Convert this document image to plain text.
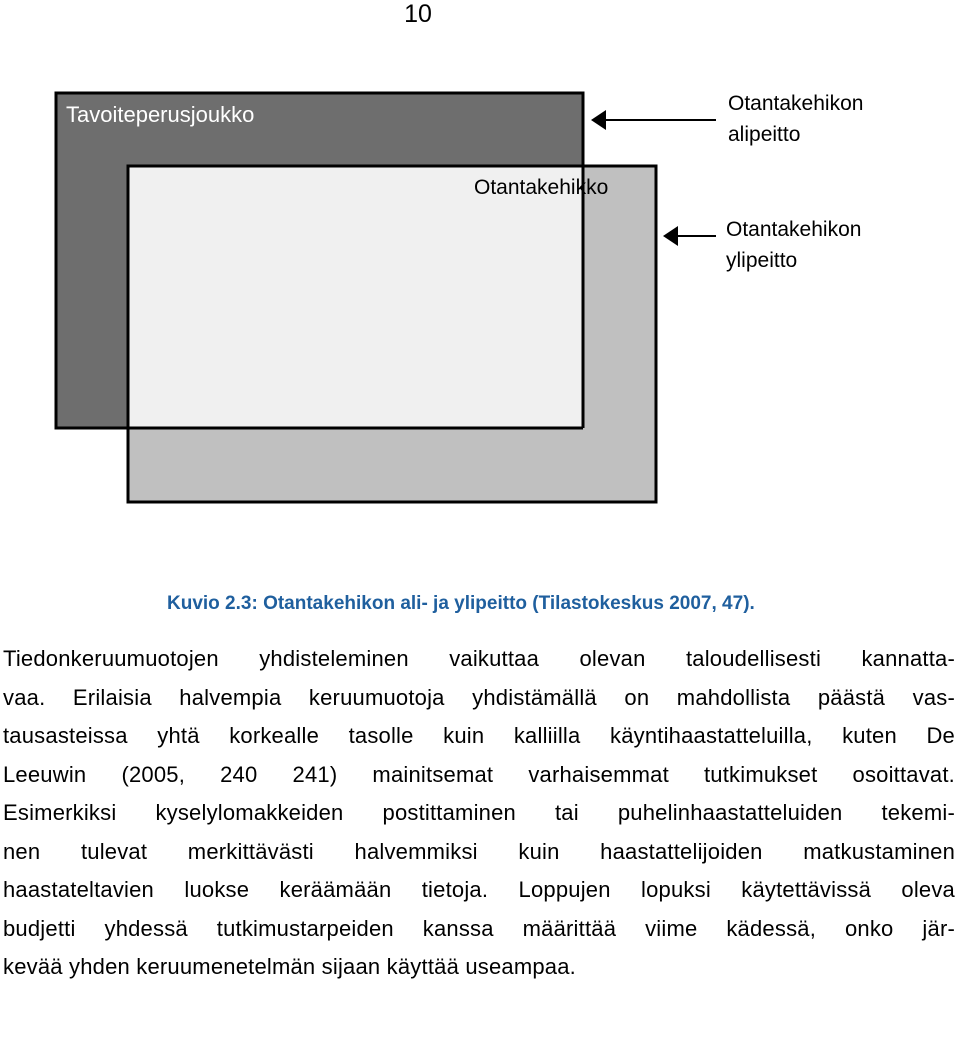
10
Tavoiteperusjoukko
Otantakehikko
Otantakehikon
alipeitto
Otantakehikon
ylipeitto
Kuvio 2.3: Otantakehikon ali- ja ylipeitto (Tilastokeskus 2007, 47).
Tiedonkeruumuotojen yhdisteleminen vaikuttaa olevan taloudellisesti kannatta-
vaa. Erilaisia halvempia keruumuotoja yhdistämällä on mahdollista päästä vas-
tausasteissa yhtä korkealle tasolle kuin kalliilla käyntihaastatteluilla, kuten De
Leeuwin (2005, 240 241) mainitsemat varhaisemmat tutkimukset osoittavat.
Esimerkiksi kyselylomakkeiden postittaminen tai puhelinhaastatteluiden tekemi-
nen tulevat merkittävästi halvemmiksi kuin haastattelijoiden matkustaminen
haastateltavien luokse keräämään tietoja. Loppujen lopuksi käytettävissä oleva
budjetti yhdessä tutkimustarpeiden kanssa määrittää viime kädessä, onko jär-
kevää yhden keruumenetelmän sijaan käyttää useampaa.
